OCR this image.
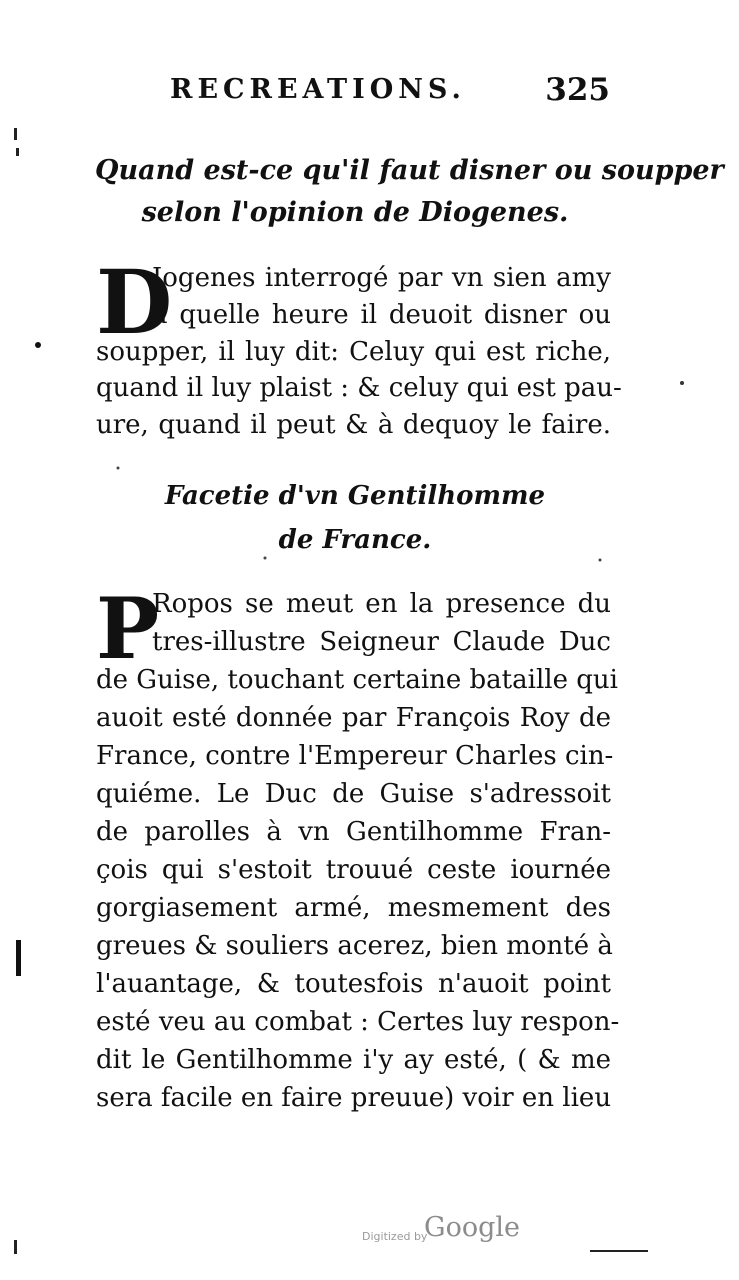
RECREATIONS.	325
Quand est-ce qu'il faut disner ou soupper
selon l'opinion de Diogenes.
D
Iogenes interrogé par vn sien amy
à quelle heure il deuoit disner ou
soupper, il luy dit: Celuy qui est riche,
quand il luy plaist : & celuy qui est pau-
ure, quand il peut & à dequoy le faire.
Facetie d'vn Gentilhomme
de France.
P
Ropos se meut en la presence du
tres-illustre Seigneur Claude Duc
de Guise, touchant certaine bataille qui
auoit esté donnée par François Roy de
France, contre l'Empereur Charles cin-
quiéme. Le Duc de Guise s'adressoit
de parolles à vn Gentilhomme Fran-
çois qui s'estoit trouué ceste iournée
gorgiasement armé, mesmement des
greues & souliers acerez, bien monté à
l'auantage, & toutesfois n'auoit point
esté veu au combat : Certes luy respon-
dit le Gentilhomme i'y ay esté, ( & me
sera facile en faire preuue) voir en lieu
Digitized by
Google
